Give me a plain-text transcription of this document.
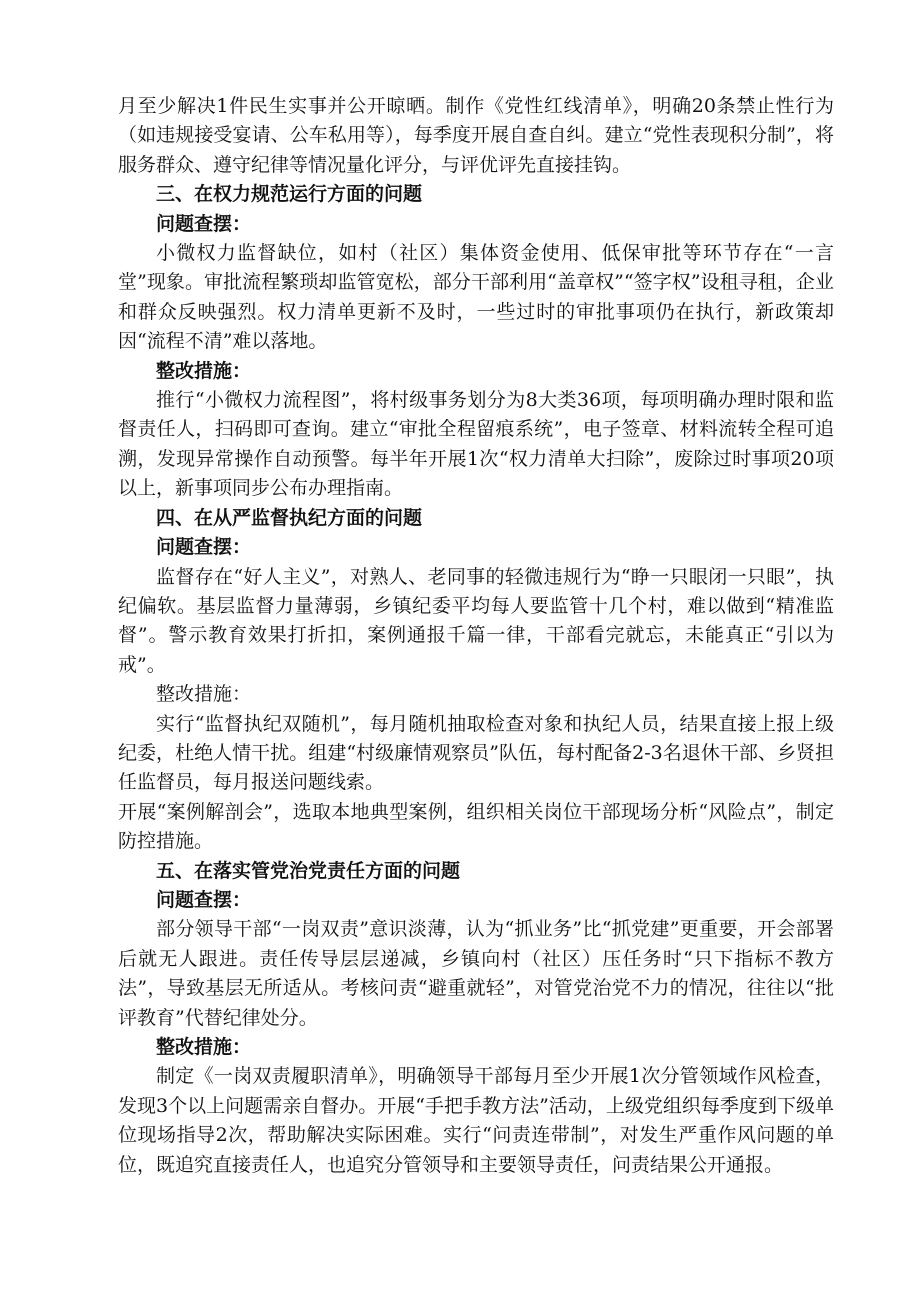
月至少解决1件民生实事并公开晾晒。制作《党性红线清单》，明确20条禁止性行为（如违规接受宴请、公车私用等），每季度开展自查自纠。建立“党性表现积分制”，将服务群众、遵守纪律等情况量化评分，与评优评先直接挂钩。

三、在权力规范运行方面的问题

问题查摆：

小微权力监督缺位，如村（社区）集体资金使用、低保审批等环节存在“一言堂”现象。审批流程繁琐却监管宽松，部分干部利用“盖章权”“签字权”设租寻租，企业和群众反映强烈。权力清单更新不及时，一些过时的审批事项仍在执行，新政策却因“流程不清”难以落地。

整改措施：

推行“小微权力流程图”，将村级事务划分为8大类36项，每项明确办理时限和监督责任人，扫码即可查询。建立“审批全程留痕系统”，电子签章、材料流转全程可追溯，发现异常操作自动预警。每半年开展1次“权力清单大扫除”，废除过时事项20项以上，新事项同步公布办理指南。

四、在从严监督执纪方面的问题

问题查摆：

监督存在“好人主义”，对熟人、老同事的轻微违规行为“睁一只眼闭一只眼”，执纪偏软。基层监督力量薄弱，乡镇纪委平均每人要监管十几个村，难以做到“精准监督”。警示教育效果打折扣，案例通报千篇一律，干部看完就忘，未能真正“引以为戒”。

整改措施：

实行“监督执纪双随机”，每月随机抽取检查对象和执纪人员，结果直接上报上级纪委，杜绝人情干扰。组建“村级廉情观察员”队伍，每村配备2-3名退休干部、乡贤担任监督员，每月报送问题线索。

开展“案例解剖会”，选取本地典型案例，组织相关岗位干部现场分析“风险点”，制定防控措施。

五、在落实管党治党责任方面的问题

问题查摆：

部分领导干部“一岗双责”意识淡薄，认为“抓业务”比“抓党建”更重要，开会部署后就无人跟进。责任传导层层递减，乡镇向村（社区）压任务时“只下指标不教方法”，导致基层无所适从。考核问责“避重就轻”，对管党治党不力的情况，往往以“批评教育”代替纪律处分。

整改措施：

制定《一岗双责履职清单》，明确领导干部每月至少开展1次分管领域作风检查，发现3个以上问题需亲自督办。开展“手把手教方法”活动，上级党组织每季度到下级单位现场指导2次，帮助解决实际困难。实行“问责连带制”，对发生严重作风问题的单位，既追究直接责任人，也追究分管领导和主要领导责任，问责结果公开通报。
